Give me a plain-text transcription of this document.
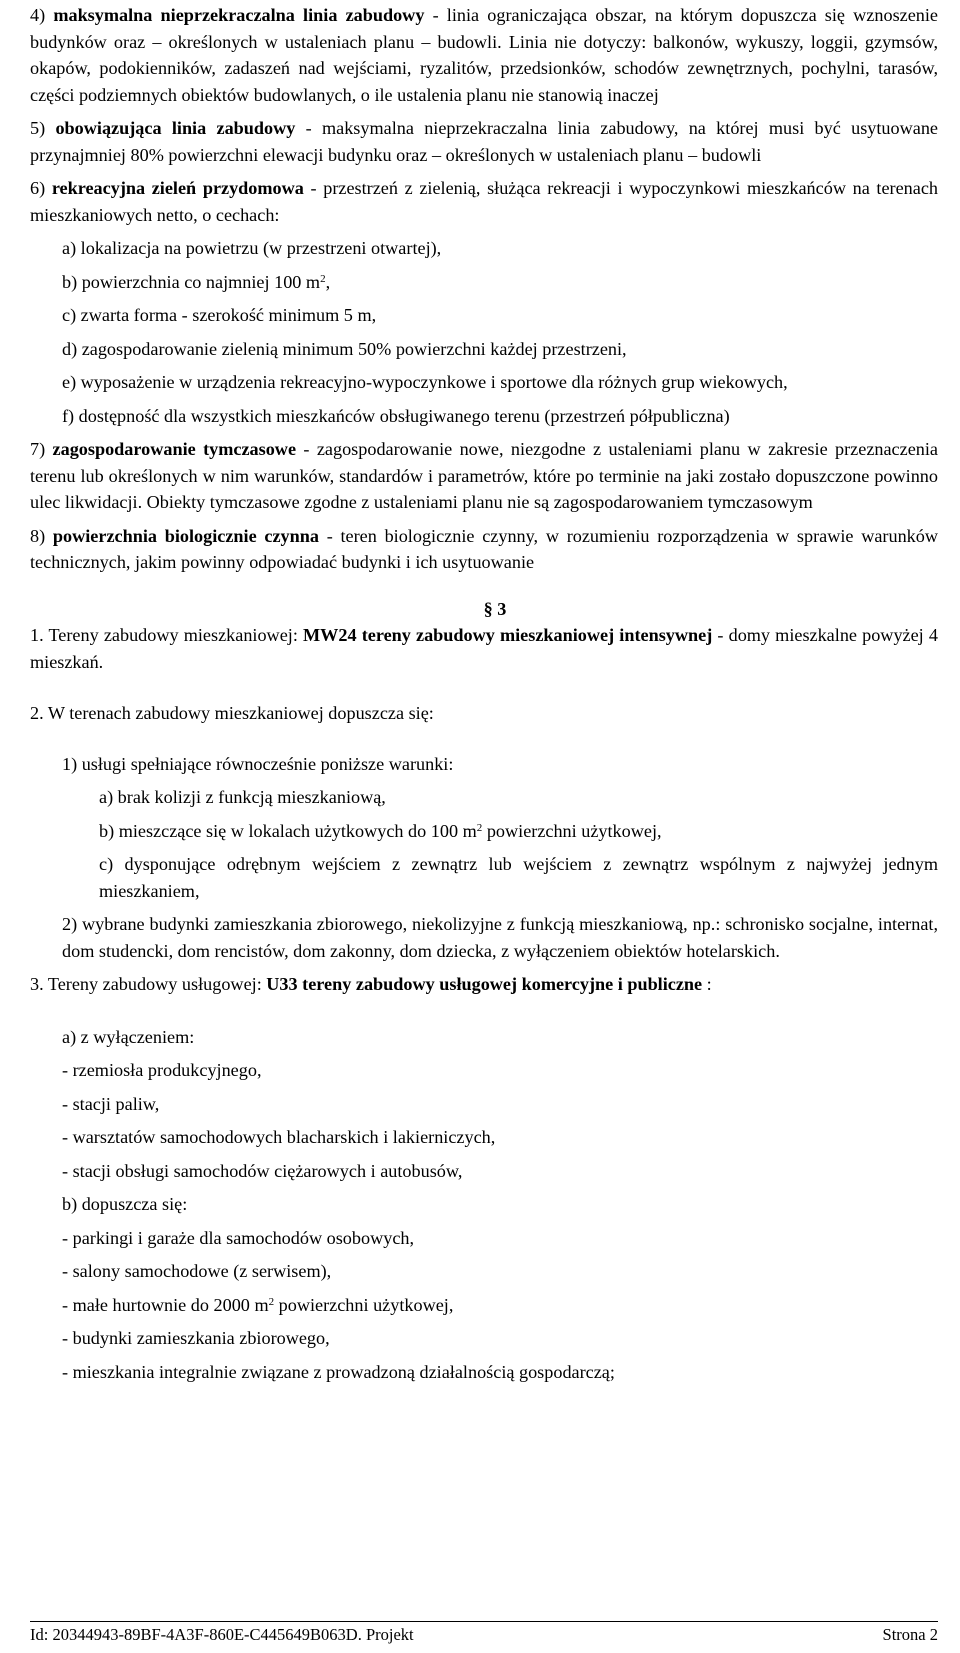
4) maksymalna nieprzekraczalna linia zabudowy - linia ograniczająca obszar, na którym dopuszcza się wznoszenie budynków oraz – określonych w ustaleniach planu – budowli. Linia nie dotyczy: balkonów, wykuszy, loggii, gzymsów, okapów, podokienników, zadaszeń nad wejściami, ryzalitów, przedsionków, schodów zewnętrznych, pochylni, tarasów, części podziemnych obiektów budowlanych, o ile ustalenia planu nie stanowią inaczej

5) obowiązująca linia zabudowy - maksymalna nieprzekraczalna linia zabudowy, na której musi być usytuowane przynajmniej 80% powierzchni elewacji budynku oraz – określonych w ustaleniach planu – budowli

6) rekreacyjna zieleń przydomowa - przestrzeń z zielenią, służąca rekreacji i wypoczynkowi mieszkańców na terenach mieszkaniowych netto, o cechach:

a) lokalizacja na powietrzu (w przestrzeni otwartej),

b) powierzchnia co najmniej 100 $m^2$,

c) zwarta forma - szerokość minimum 5 m,

d) zagospodarowanie zielenią minimum 50% powierzchni każdej przestrzeni,

e) wyposażenie w urządzenia rekreacyjno-wypoczynkowe i sportowe dla różnych grup wiekowych,

f) dostępność dla wszystkich mieszkańców obsługiwanego terenu (przestrzeń półpubliczna)

7) zagospodarowanie tymczasowe - zagospodarowanie nowe, niezgodne z ustaleniami planu w zakresie przeznaczenia terenu lub określonych w nim warunków, standardów i parametrów, które po terminie na jaki zostało dopuszczone powinno ulec likwidacji. Obiekty tymczasowe zgodne z ustaleniami planu nie są zagospodarowaniem tymczasowym

8) powierzchnia biologicznie czynna - teren biologicznie czynny, w rozumieniu rozporządzenia w sprawie warunków technicznych, jakim powinny odpowiadać budynki i ich usytuowanie

§ 3

1. Tereny zabudowy mieszkaniowej: MW24 tereny zabudowy mieszkaniowej intensywnej - domy mieszkalne powyżej 4 mieszkań.

2. W terenach zabudowy mieszkaniowej dopuszcza się:

1) usługi spełniające równocześnie poniższe warunki:

a) brak kolizji z funkcją mieszkaniową,

b) mieszczące się w lokalach użytkowych do 100 $m^2$ powierzchni użytkowej,

c) dysponujące odrębnym wejściem z zewnątrz lub wejściem z zewnątrz wspólnym z najwyżej jednym mieszkaniem,

2) wybrane budynki zamieszkania zbiorowego, niekolizyjne z funkcją mieszkaniową, np.: schronisko socjalne, internat, dom studencki, dom rencistów, dom zakonny, dom dziecka, z wyłączeniem obiektów hotelarskich.

3. Tereny zabudowy usługowej: U33 tereny zabudowy usługowej komercyjne i publiczne :

a) z wyłączeniem:

- rzemiosła produkcyjnego,

- stacji paliw,

- warsztatów samochodowych blacharskich i lakierniczych,

- stacji obsługi samochodów ciężarowych i autobusów,

b) dopuszcza się:

- parkingi i garaże dla samochodów osobowych,

- salony samochodowe (z serwisem),

- małe hurtownie do 2000 $m^2$ powierzchni użytkowej,

- budynki zamieszkania zbiorowego,

- mieszkania integralnie związane z prowadzoną działalnością gospodarczą;

Id: 20344943-89BF-4A3F-860E-C445649B063D. Projekt	Strona 2
